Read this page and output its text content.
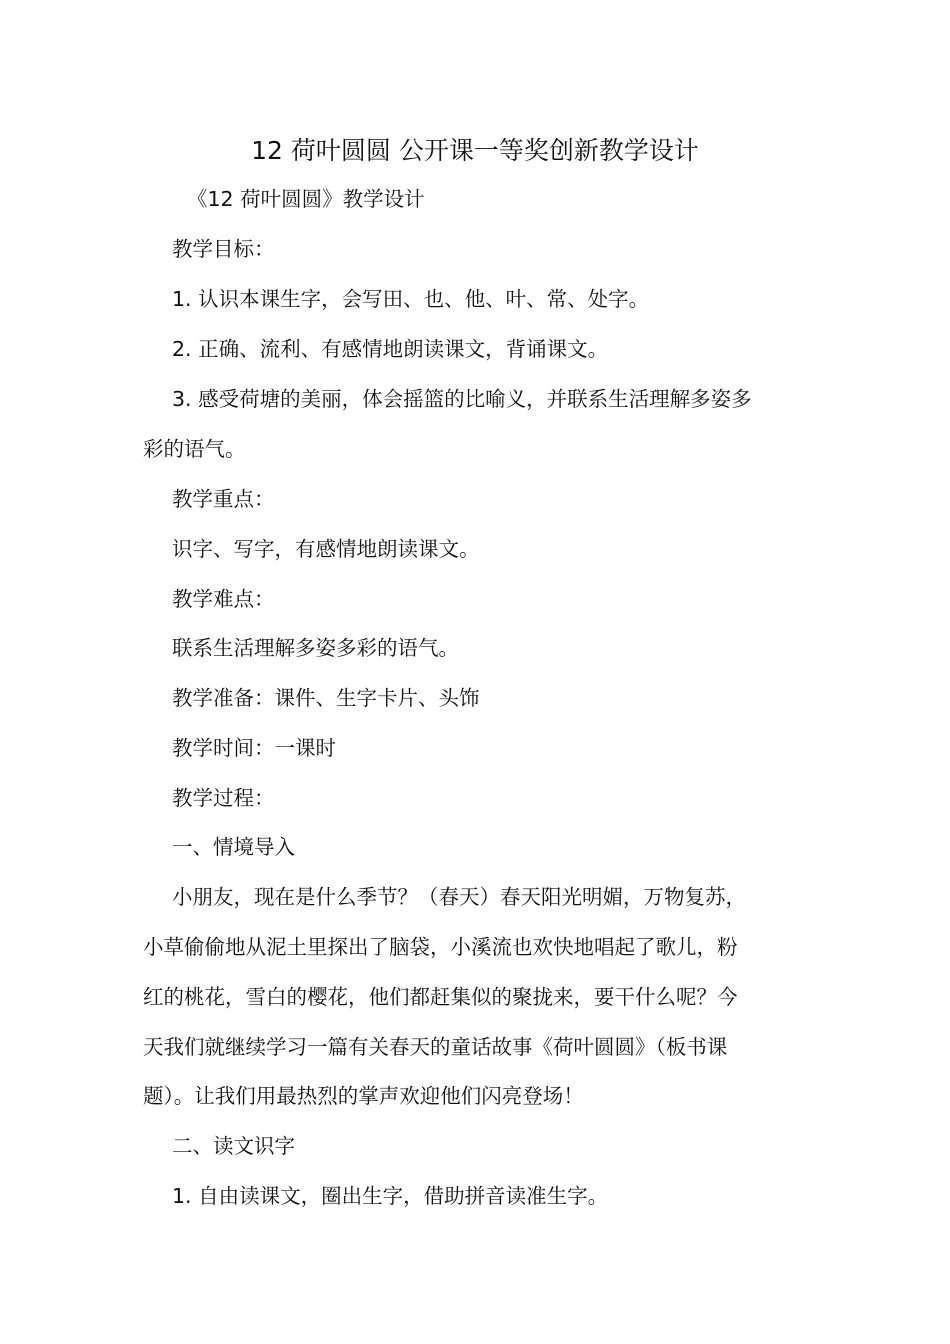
12 荷叶圆圆 公开课一等奖创新教学设计

《12 荷叶圆圆》教学设计

教学目标：

1. 认识本课生字，会写田、也、他、叶、常、处字。

2. 正确、流利、有感情地朗读课文，背诵课文。

3. 感受荷塘的美丽，体会摇篮的比喻义，并联系生活理解多姿多

彩的语气。

教学重点：

识字、写字，有感情地朗读课文。

教学难点：

联系生活理解多姿多彩的语气。

教学准备：课件、生字卡片、头饰

教学时间：一课时

教学过程：

一、情境导入

小朋友，现在是什么季节？（春天）春天阳光明媚，万物复苏，

小草偷偷地从泥土里探出了脑袋，小溪流也欢快地唱起了歌儿，粉

红的桃花，雪白的樱花，他们都赶集似的聚拢来，要干什么呢？今

天我们就继续学习一篇有关春天的童话故事《荷叶圆圆》（板书课

题）。让我们用最热烈的掌声欢迎他们闪亮登场！

二、读文识字

1. 自由读课文，圈出生字，借助拼音读准生字。
